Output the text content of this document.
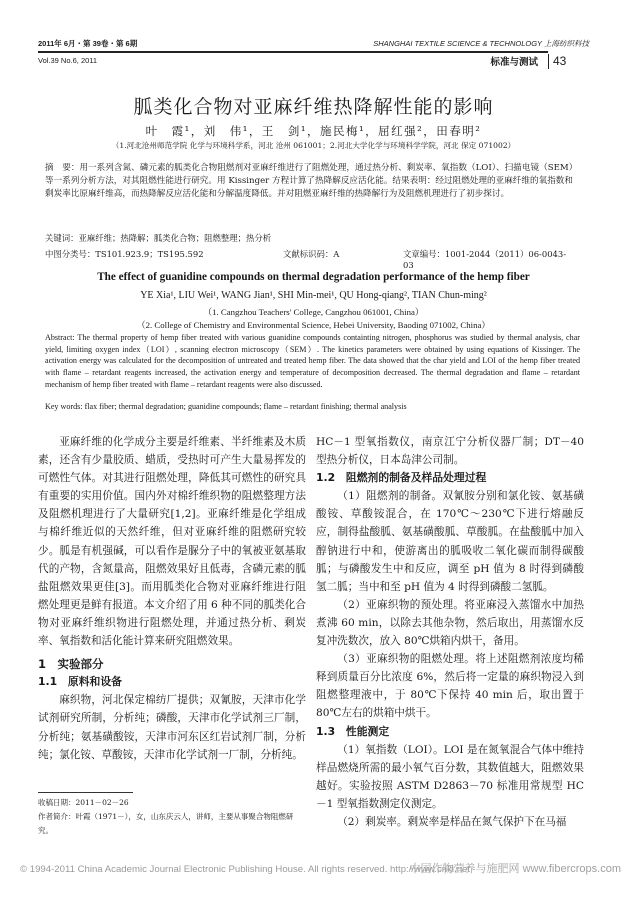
2011年 6月・第 39卷・第 6期	SHANGHAI TEXTILE SCIENCE & TECHNOLOGY 上海纺织科技
Vol.39 No.6, 2011	标准与测试	43
胍类化合物对亚麻纤维热降解性能的影响
叶　霞¹，刘　伟¹，王　剑¹，施民梅¹，屈红强²，田春明²
（1.河北沧州师范学院 化学与环境科学系，河北 沧州 061001；2.河北大学化学与环境科学学院，河北 保定 071002）
摘　要：用一系列含氮、磷元素的胍类化合物阻燃剂对亚麻纤维进行了阻燃处理，通过热分析、剩炭率、氧指数（LOI）、扫描电镜（SEM）等一系列分析方法，对其阻燃性能进行研究。用 Kissinger 方程计算了热降解反应活化能。结果表明：经过阻燃处理的亚麻纤维的氧指数和剩炭率比原麻纤维高，而热降解反应活化能和分解温度降低。并对阻燃亚麻纤维的热降解行为及阻燃机理进行了初步探讨。
关键词：亚麻纤维；热降解；胍类化合物；阻燃整理；热分析
中图分类号：TS101.923.9；TS195.592	文献标识码：A	文章编号：1001-2044（2011）06-0043-03
The effect of guanidine compounds on thermal degradation performance of the hemp fiber
YE Xia¹, LIU Wei¹, WANG Jian¹, SHI Min-mei¹, QU Hong-qiang², TIAN Chun-ming²
（1. Cangzhou Teachers' College, Cangzhou 061001, China）
（2. College of Chemistry and Environmental Science, Hebei University, Baoding 071002, China）
Abstract: The thermal property of hemp fiber treated with various guanidine compounds containting nitrogen, phosphorus was studied by thermal analysis, char yield, limiting oxygen index（LOI）, scanning electron microscopy（SEM）. The kinetics parameters were obtained by using equations of Kissinger. The activation energy was calculated for the decomposition of untreated and treated hemp fiber. The data showed that the char yield and LOI of the hemp fiber treated with flame – retardant reagents increased, the activation energy and temperature of decomposition decreased. The thermal degradation and flame – retardant mechanism of hemp fiber treated with flame – retardant reagents were also discussed.
Key words: flax fiber; thermal degradation; guanidine compounds; flame – retardant finishing; thermal analysis

亚麻纤维的化学成分主要是纤维素、半纤维素及木质素，还含有少量胶质、蜡质，受热时可产生大量易挥发的可燃性气体。对其进行阻燃处理，降低其可燃性的研究具有重要的实用价值。国内外对棉纤维织物的阻燃整理方法及阻燃机理进行了大量研究[1,2]。亚麻纤维是化学组成与棉纤维近似的天然纤维，但对亚麻纤维的阻燃研究较少。胍是有机强碱，可以看作是脲分子中的氧被亚氨基取代的产物，含氮量高，阻燃效果好且低毒，含磷元素的胍盐阻燃效果更佳[3]。而用胍类化合物对亚麻纤维进行阻燃处理更是鲜有报道。本文介绍了用 6 种不同的胍类化合物对亚麻纤维织物进行阻燃处理，并通过热分析、剩炭率、氧指数和活化能计算来研究阻燃效果。

1　实验部分
1.1　原料和设备

麻织物，河北保定棉纺厂提供；双氰胺，天津市化学试剂研究所制，分析纯；磷酸，天津市化学试剂三厂制，分析纯；氨基磺酸铵，天津市河东区红岩试剂厂制，分析纯；氯化铵、草酸铵，天津市化学试剂一厂制，分析纯。

收稿日期：2011－02－26

作者简介：叶霞（1971－），女，山东庆云人，讲师，主要从事聚合物阻燃研究。

HC－1 型氧指数仪，南京江宁分析仪器厂制；DT－40 型热分析仪，日本岛津公司制。

1.2　阻燃剂的制备及样品处理过程

（1）阻燃剂的制备。双氰胺分别和氯化铵、氨基磺酸铵、草酸铵混合，在 170℃～230℃下进行熔融反应，制得盐酸胍、氨基磺酸胍、草酸胍。在盐酸胍中加入醇钠进行中和，使游离出的胍吸收二氧化碳而制得碳酸胍；与磷酸发生中和反应，调至 pH 值为 8 时得到磷酸氢二胍；当中和至 pH 值为 4 时得到磷酸二氢胍。

（2）亚麻织物的预处理。将亚麻浸入蒸馏水中加热煮沸 60 min，以除去其他杂物，然后取出，用蒸馏水反复冲洗数次，放入 80℃烘箱内烘干，备用。

（3）亚麻织物的阻燃处理。将上述阻燃剂浓度均稀释到质量百分比浓度 6%，然后将一定量的麻织物浸入到阻燃整理液中，于 80℃下保持 40 min 后，取出置于 80℃左右的烘箱中烘干。

1.3　性能测定

（1）氧指数（LOI）。LOI 是在氮氧混合气体中维持样品燃烧所需的最小氧气百分数，其数值越大，阻燃效果越好。实验按照 ASTM D2863－70 标准用常规型 HC－1 型氧指数测定仪测定。

（2）剩炭率。剩炭率是样品在氮气保护下在马福

© 1994-2011 China Academic Journal Electronic Publishing House. All rights reserved. http://www.cnki.net
中国作物营养与施肥网 www.fibercrops.com
